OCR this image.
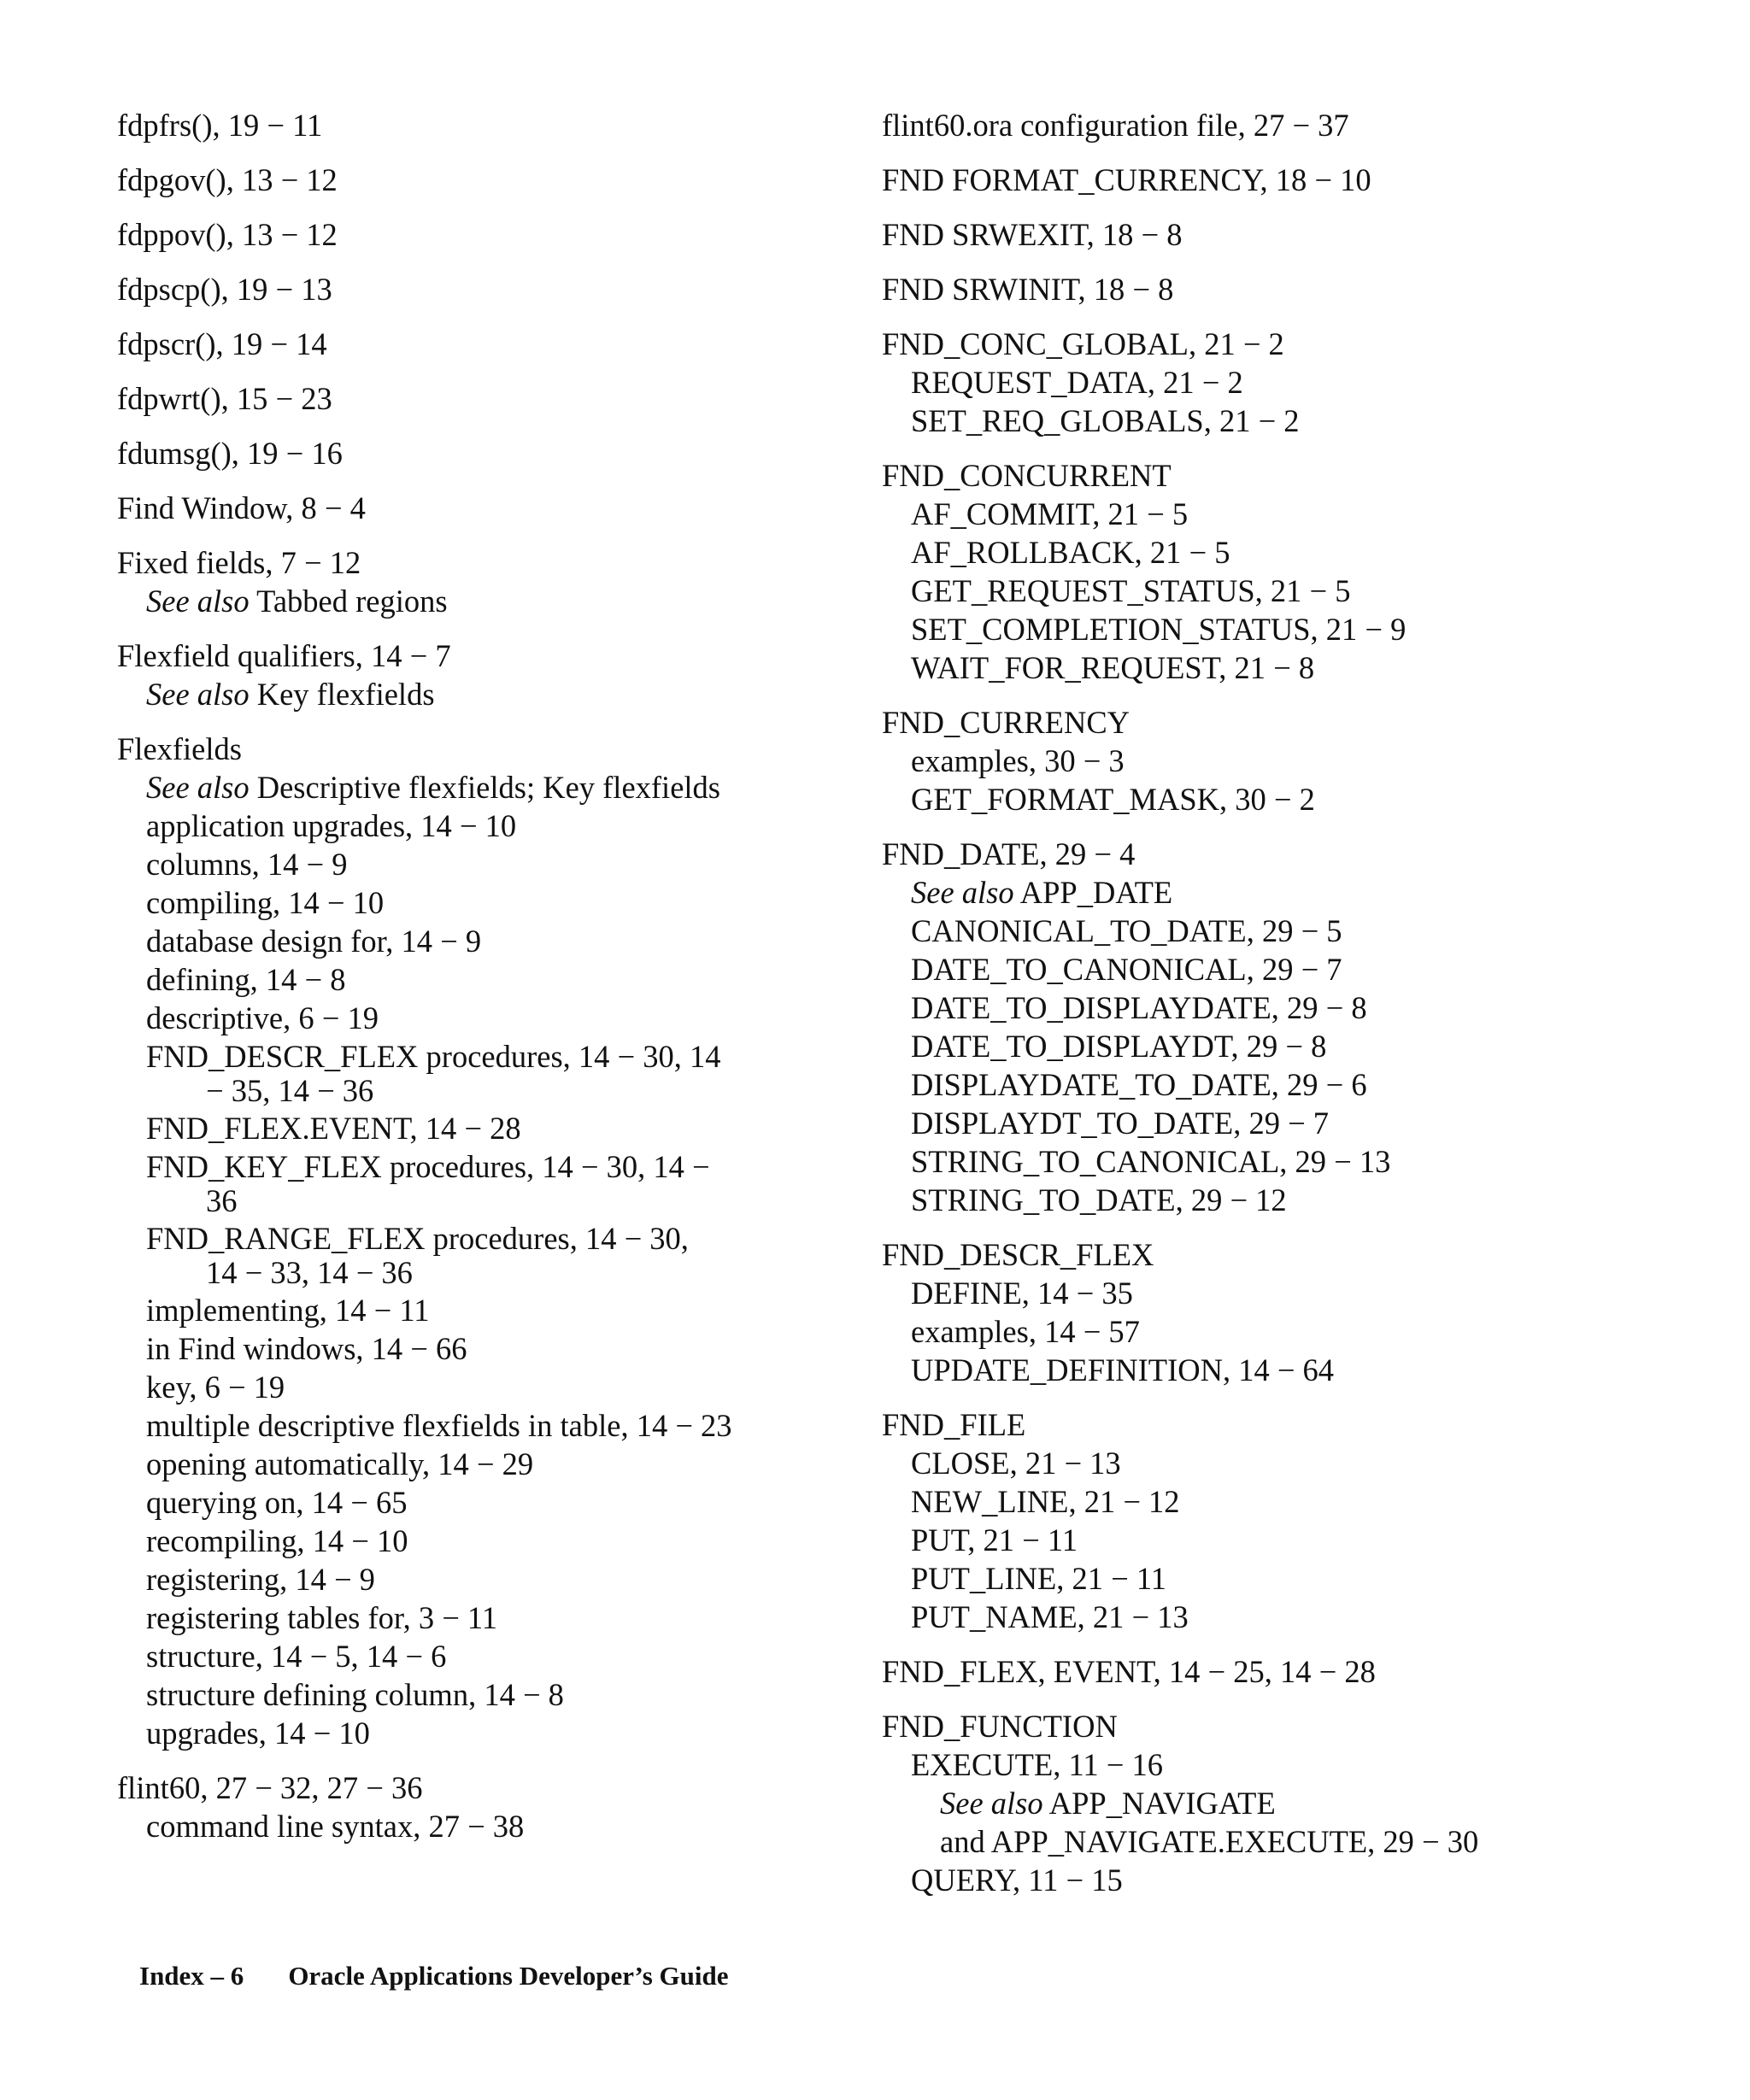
fdpfrs(), 19 − 11
fdpgov(), 13 − 12
fdppov(), 13 − 12
fdpscp(), 19 − 13
fdpscr(), 19 − 14
fdpwrt(), 15 − 23
fdumsg(), 19 − 16
Find Window, 8 − 4
Fixed fields, 7 − 12
See also Tabbed regions
Flexfield qualifiers, 14 − 7
See also Key flexfields
Flexfields
See also Descriptive flexfields; Key flexfields
application upgrades, 14 − 10
columns, 14 − 9
compiling, 14 − 10
database design for, 14 − 9
defining, 14 − 8
descriptive, 6 − 19
FND_DESCR_FLEX procedures, 14 − 30, 14
− 35, 14 − 36
FND_FLEX.EVENT, 14 − 28
FND_KEY_FLEX procedures, 14 − 30, 14 −
36
FND_RANGE_FLEX procedures, 14 − 30,
14 − 33, 14 − 36
implementing, 14 − 11
in Find windows, 14 − 66
key, 6 − 19
multiple descriptive flexfields in table, 14 − 23
opening automatically, 14 − 29
querying on, 14 − 65
recompiling, 14 − 10
registering, 14 − 9
registering tables for, 3 − 11
structure, 14 − 5, 14 − 6
structure defining column, 14 − 8
upgrades, 14 − 10
flint60, 27 − 32, 27 − 36
command line syntax, 27 − 38
flint60.ora configuration file, 27 − 37
FND FORMAT_CURRENCY, 18 − 10
FND SRWEXIT, 18 − 8
FND SRWINIT, 18 − 8
FND_CONC_GLOBAL, 21 − 2
REQUEST_DATA, 21 − 2
SET_REQ_GLOBALS, 21 − 2
FND_CONCURRENT
AF_COMMIT, 21 − 5
AF_ROLLBACK, 21 − 5
GET_REQUEST_STATUS, 21 − 5
SET_COMPLETION_STATUS, 21 − 9
WAIT_FOR_REQUEST, 21 − 8
FND_CURRENCY
examples, 30 − 3
GET_FORMAT_MASK, 30 − 2
FND_DATE, 29 − 4
See also APP_DATE
CANONICAL_TO_DATE, 29 − 5
DATE_TO_CANONICAL, 29 − 7
DATE_TO_DISPLAYDATE, 29 − 8
DATE_TO_DISPLAYDT, 29 − 8
DISPLAYDATE_TO_DATE, 29 − 6
DISPLAYDT_TO_DATE, 29 − 7
STRING_TO_CANONICAL, 29 − 13
STRING_TO_DATE, 29 − 12
FND_DESCR_FLEX
DEFINE, 14 − 35
examples, 14 − 57
UPDATE_DEFINITION, 14 − 64
FND_FILE
CLOSE, 21 − 13
NEW_LINE, 21 − 12
PUT, 21 − 11
PUT_LINE, 21 − 11
PUT_NAME, 21 − 13
FND_FLEX, EVENT, 14 − 25, 14 − 28
FND_FUNCTION
EXECUTE, 11 − 16
See also APP_NAVIGATE
and APP_NAVIGATE.EXECUTE, 29 − 30
QUERY, 11 − 15
Index – 6 Oracle Applications Developer’s Guide
